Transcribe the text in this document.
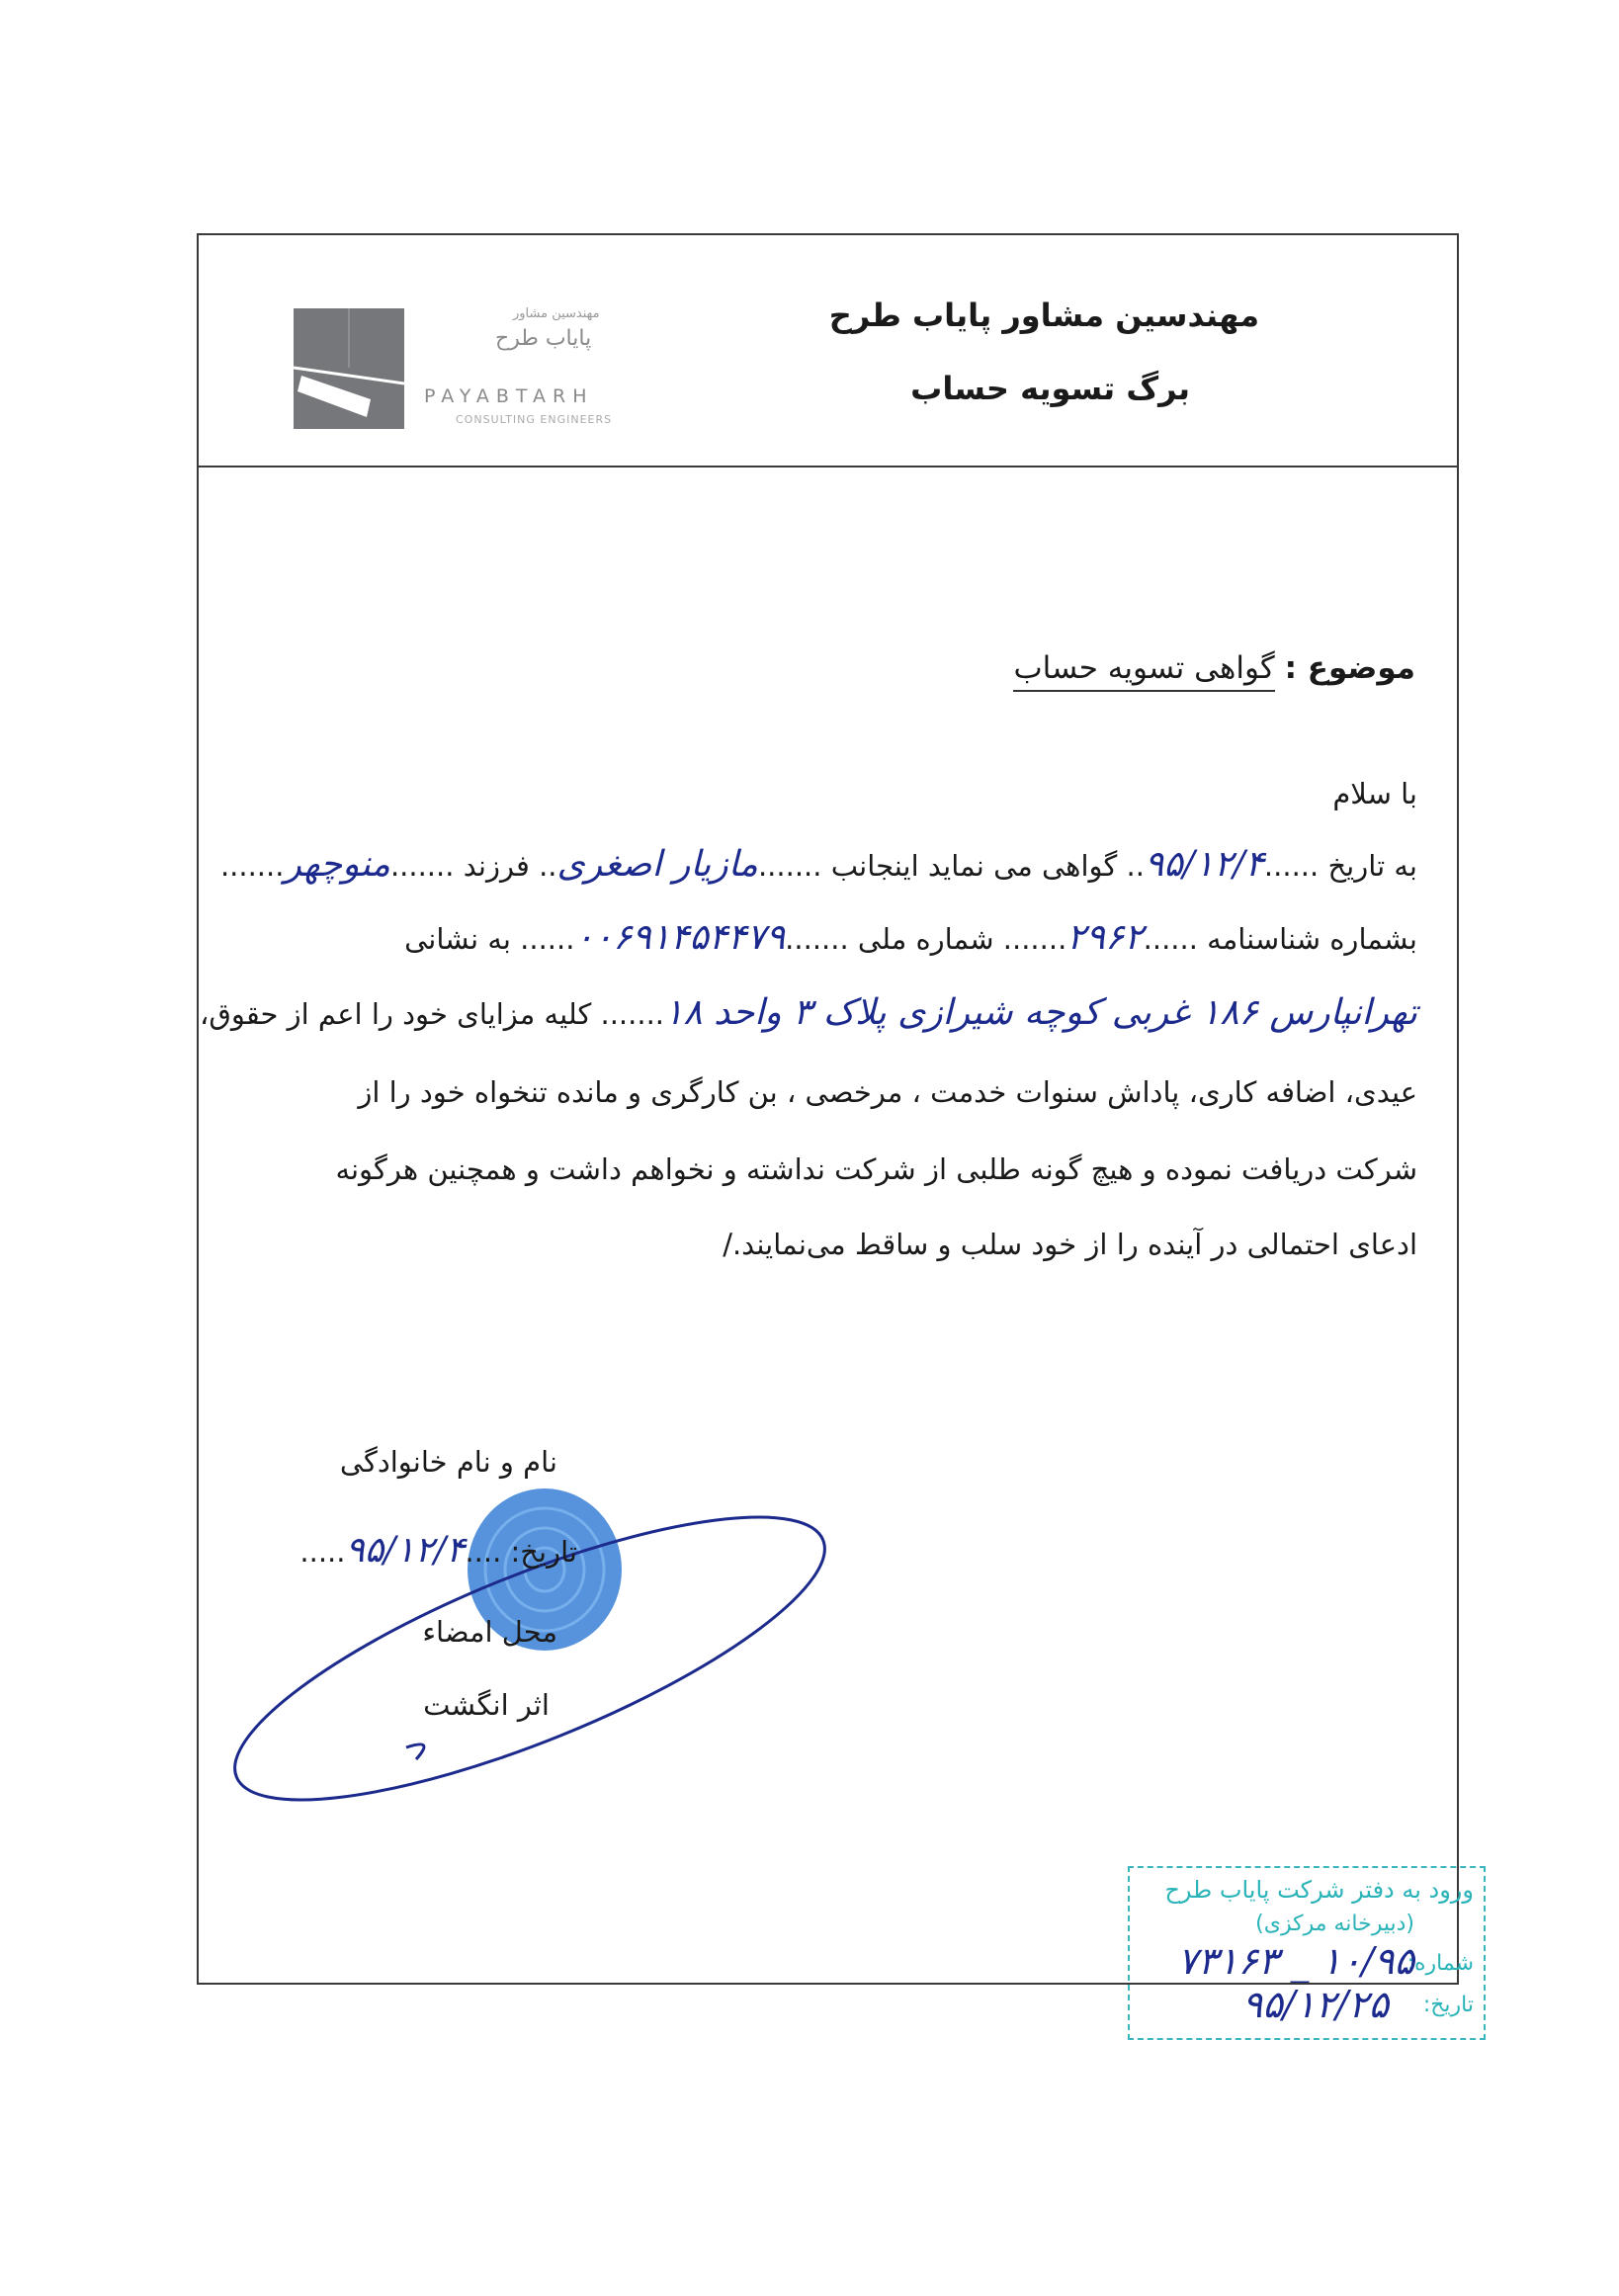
مهندسین مشاور پایاب طرح
برگ تسویه حساب
مهندسین مشاور
پایاب طرح
PAYABTARH
CONSULTING ENGINEERS
موضوع : گواهی تسویه حساب
با سلام
به تاریخ ......۹۵/۱۲/۴.. گواهی می نماید اینجانب .......مازیار اصغری.. فرزند .......منوچهر.......
بشماره شناسنامه ......۲۹۶۲....... شماره ملی .......۰۰۶۹۱۴۵۴۴۷۹...... به نشانی
تهرانپارس ۱۸۶ غربی کوچه شیرازی پلاک ۳ واحد ۱۸....... کلیه مزایای خود را اعم از حقوق،
عیدی، اضافه کاری، پاداش سنوات خدمت ، مرخصی ، بن کارگری و مانده تنخواه خود را از
شرکت دریافت نموده و هیچ گونه طلبی از شرکت نداشته و نخواهم داشت و همچنین هرگونه
ادعای احتمالی در آینده را از خود سلب و ساقط می‌نمایند./
نام و نام خانوادگی
تاریخ: ....۹۵/۱۲/۴.....
محل امضاء
اثر انگشت
ورود به دفتر شرکت پایاب طرح
(دبیرخانه مرکزی)
شماره:
۱۰/۹۵ _ ۷۳۱۶۳
تاریخ:
۹۵/۱۲/۲۵
